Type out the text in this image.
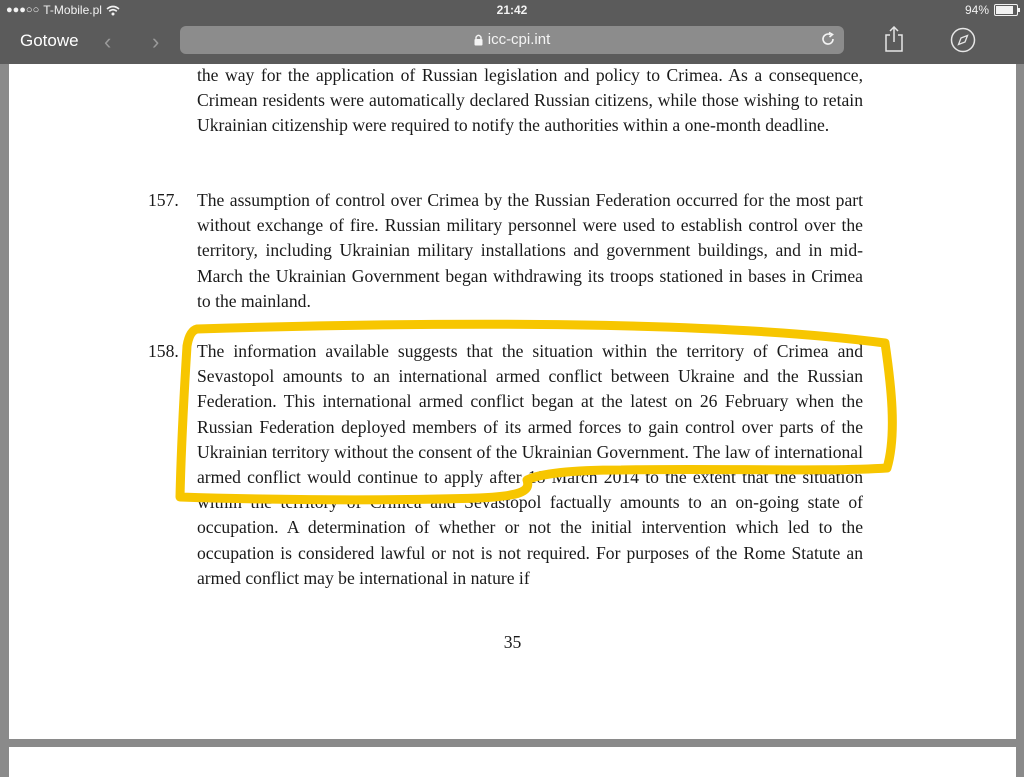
●●●○○ T-Mobile.pl	21:42	94%
Gotowe ‹ ›	icc-cpi.int
the way for the application of Russian legislation and policy to Crimea. As a consequence, Crimean residents were automatically declared Russian citizens, while those wishing to retain Ukrainian citizenship were required to notify the authorities within a one-month deadline.
157. The assumption of control over Crimea by the Russian Federation occurred for the most part without exchange of fire. Russian military personnel were used to establish control over the territory, including Ukrainian military installations and government buildings, and in mid-March the Ukrainian Government began withdrawing its troops stationed in bases in Crimea to the mainland.
158. The information available suggests that the situation within the territory of Crimea and Sevastopol amounts to an international armed conflict between Ukraine and the Russian Federation. This international armed conflict began at the latest on 26 February when the Russian Federation deployed members of its armed forces to gain control over parts of the Ukrainian territory without the consent of the Ukrainian Government. The law of international armed conflict would continue to apply after 18 March 2014 to the extent that the situation within the territory of Crimea and Sevastopol factually amounts to an on-going state of occupation. A determination of whether or not the initial intervention which led to the occupation is considered lawful or not is not required. For purposes of the Rome Statute an armed conflict may be international in nature if
35
